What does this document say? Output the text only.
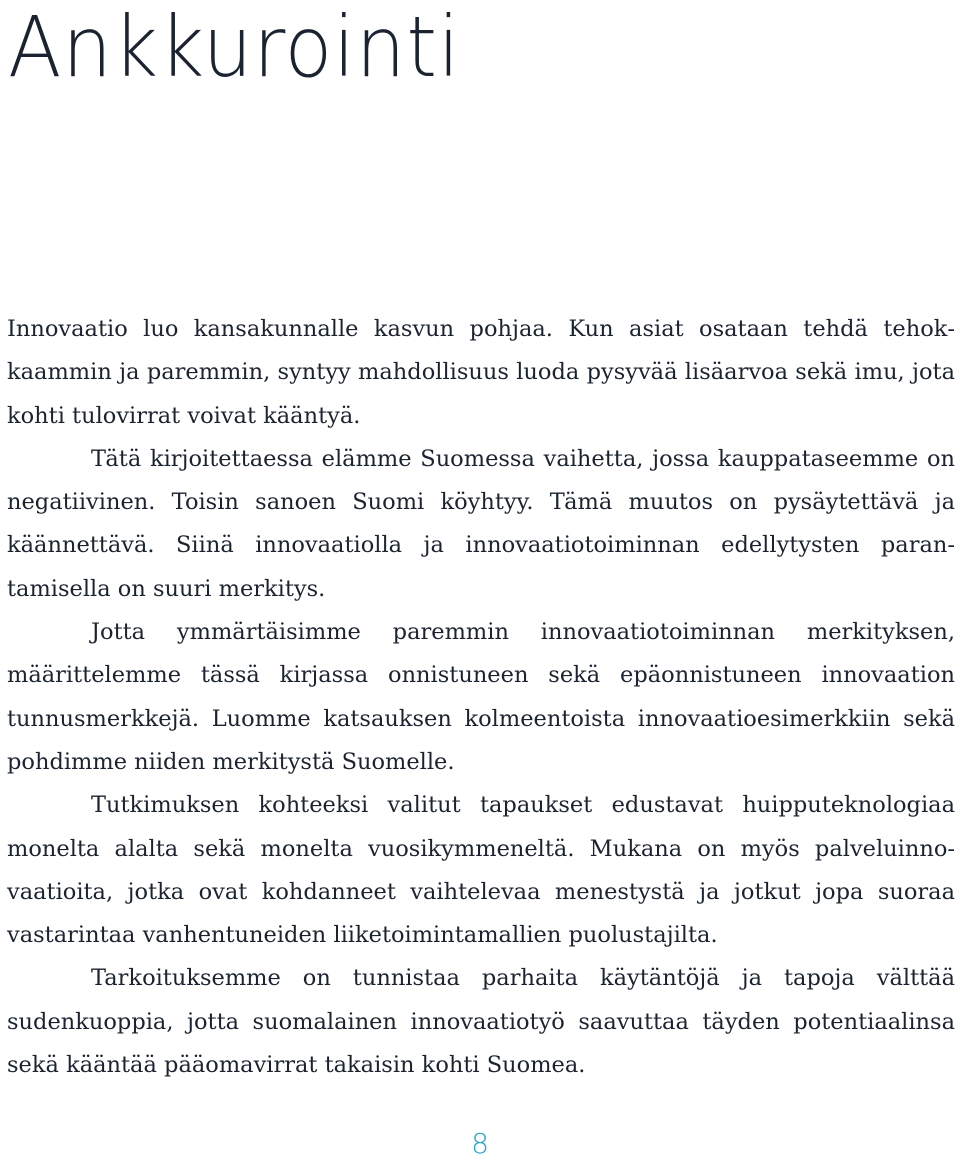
Ankkurointi

Innovaatio luo kansakunnalle kasvun pohjaa. Kun asiat osataan tehdä tehokkaammin ja paremmin, syntyy mahdollisuus luoda pysyvää lisäarvoa sekä imu, jota kohti tulovirrat voivat kääntyä.

Tätä kirjoitettaessa elämme Suomessa vaihetta, jossa kauppataseemme on negatiivinen. Toisin sanoen Suomi köyhtyy. Tämä muutos on pysäytettävä ja käännettävä. Siinä innovaatiolla ja innovaatiotoiminnan edellytysten parantamisella on suuri merkitys.

Jotta ymmärtäisimme paremmin innovaatiotoiminnan merkityksen, määrittelemme tässä kirjassa onnistuneen sekä epäonnistuneen innovaation tunnusmerkkejä. Luomme katsauksen kolmeentoista innovaatioesimerkkiin sekä pohdimme niiden merkitystä Suomelle.

Tutkimuksen kohteeksi valitut tapaukset edustavat huipputeknologiaa monelta alalta sekä monelta vuosikymmeneltä. Mukana on myös palveluinnovaatioita, jotka ovat kohdanneet vaihtelevaa menestystä ja jotkut jopa suoraa vastarintaa vanhentuneiden liiketoimintamallien puolustajilta.

Tarkoituksemme on tunnistaa parhaita käytäntöjä ja tapoja välttää sudenkuoppia, jotta suomalainen innovaatiotyö saavuttaa täyden potentiaalinsa sekä kääntää pääomavirrat takaisin kohti Suomea.

8
